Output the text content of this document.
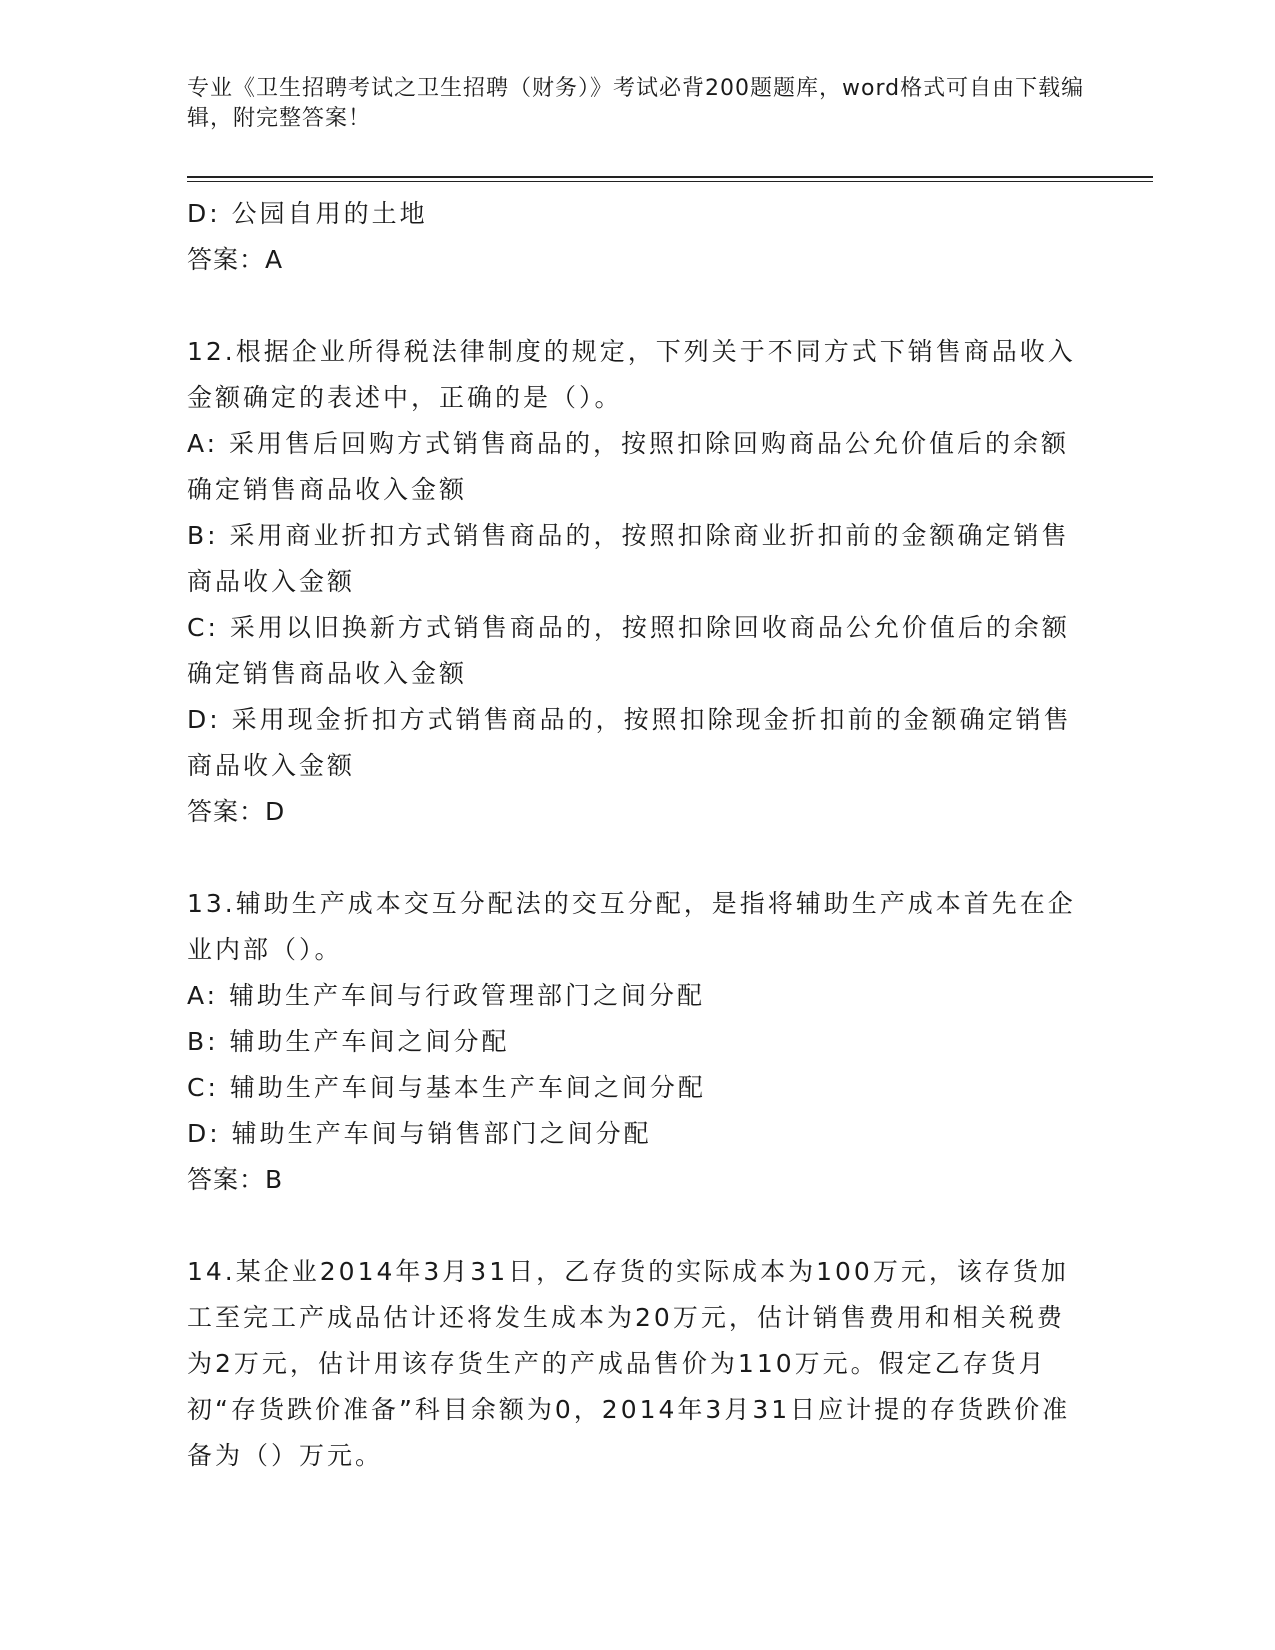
专业《卫生招聘考试之卫生招聘（财务）》考试必背200题题库，word格式可自由下载编辑，附完整答案！
D: 公园自用的土地
答案：A
12.根据企业所得税法律制度的规定，下列关于不同方式下销售商品收入金额确定的表述中，正确的是（）。
A: 采用售后回购方式销售商品的，按照扣除回购商品公允价值后的余额确定销售商品收入金额
B: 采用商业折扣方式销售商品的，按照扣除商业折扣前的金额确定销售商品收入金额
C: 采用以旧换新方式销售商品的，按照扣除回收商品公允价值后的余额确定销售商品收入金额
D: 采用现金折扣方式销售商品的，按照扣除现金折扣前的金额确定销售商品收入金额
答案：D
13.辅助生产成本交互分配法的交互分配，是指将辅助生产成本首先在企业内部（）。
A: 辅助生产车间与行政管理部门之间分配
B: 辅助生产车间之间分配
C: 辅助生产车间与基本生产车间之间分配
D: 辅助生产车间与销售部门之间分配
答案：B
14.某企业2014年3月31日，乙存货的实际成本为100万元，该存货加工至完工产成品估计还将发生成本为20万元，估计销售费用和相关税费为2万元，估计用该存货生产的产成品售价为110万元。假定乙存货月初“存货跌价准备”科目余额为0，2014年3月31日应计提的存货跌价准备为（）万元。
